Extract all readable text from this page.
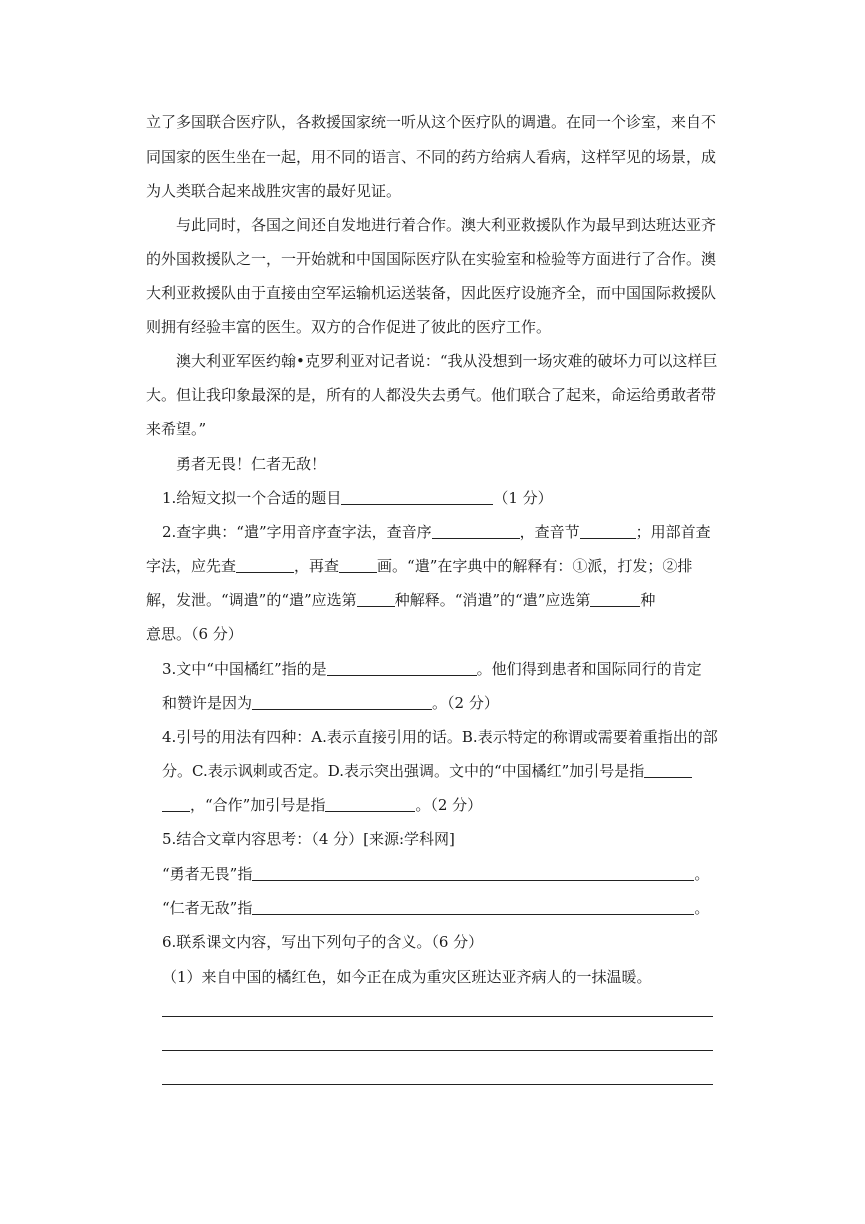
立了多国联合医疗队，各救援国家统一听从这个医疗队的调遣。在同一个诊室，来自不
同国家的医生坐在一起，用不同的语言、不同的药方给病人看病，这样罕见的场景，成
为人类联合起来战胜灾害的最好见证。
与此同时，各国之间还自发地进行着合作。澳大利亚救援队作为最早到达班达亚齐
的外国救援队之一，一开始就和中国国际医疗队在实验室和检验等方面进行了合作。澳
大利亚救援队由于直接由空军运输机运送装备，因此医疗设施齐全，而中国国际救援队
则拥有经验丰富的医生。双方的合作促进了彼此的医疗工作。
澳大利亚军医约翰•克罗利亚对记者说：“我从没想到一场灾难的破坏力可以这样巨
大。但让我印象最深的是，所有的人都没失去勇气。他们联合了起来，命运给勇敢者带
来希望。”
勇者无畏！仁者无敌！
1.给短文拟一个合适的题目	（1 分）
2.查字典：“遣”字用音序查字法，查音序	，查音节	；用部首查
字法，应先查	，再查	画。“遣”在字典中的解释有：①派，打发；②排
解，发泄。“调遣”的“遣”应选第	种解释。“消遣”的“遣”应选第	种
意思。（6 分）
3.文中“中国橘红”指的是	。他们得到患者和国际同行的肯定
和赞许是因为	。（2 分）
4.引号的用法有四种：A.表示直接引用的话。B.表示特定的称谓或需要着重指出的部
分。C.表示讽刺或否定。D.表示突出强调。文中的“中国橘红”加引号是指
，“合作”加引号是指	。（2 分）
5.结合文章内容思考：（4 分）[来源:学科网]
“勇者无畏”指	。
“仁者无敌”指	。
6.联系课文内容，写出下列句子的含义。（6 分）
（1）来自中国的橘红色，如今正在成为重灾区班达亚齐病人的一抹温暖。
